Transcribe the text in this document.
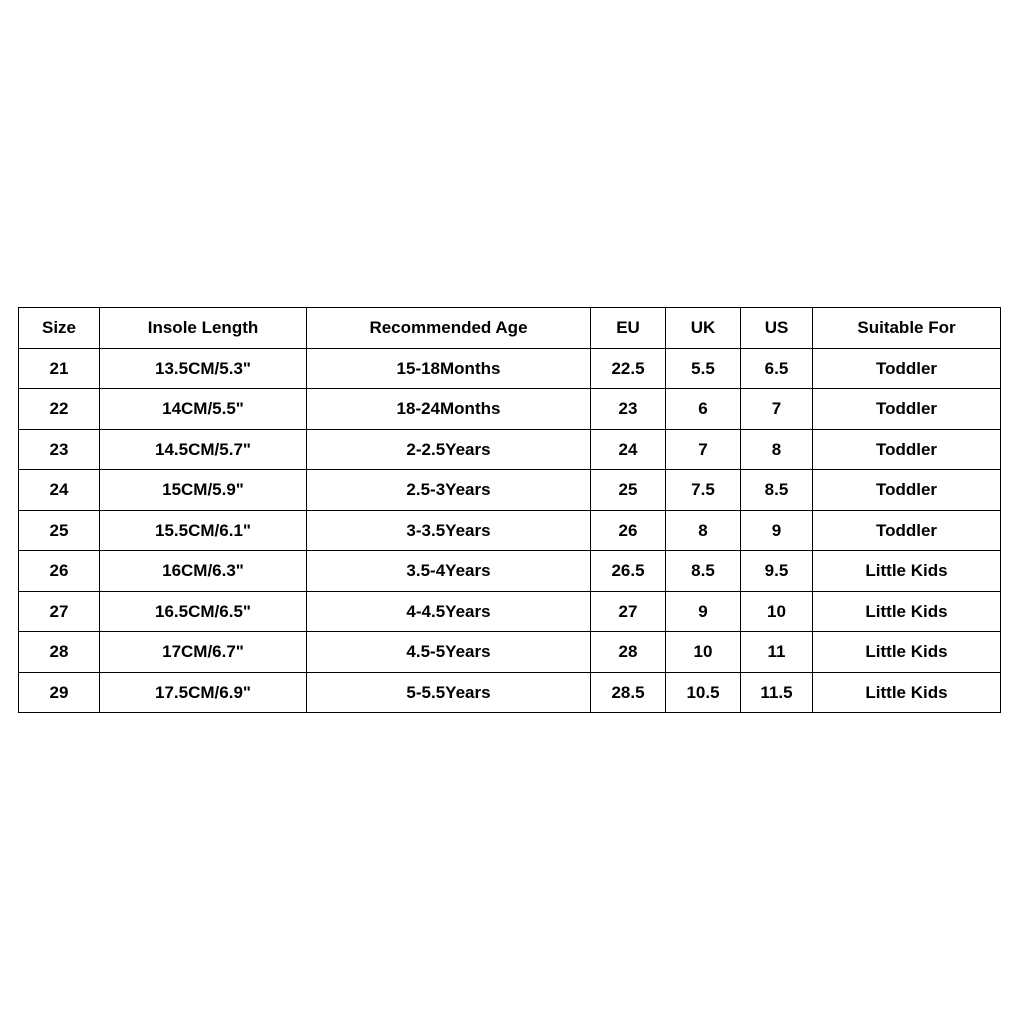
Size	Insole Length	Recommended Age	EU	UK	US	Suitable For
21	13.5CM/5.3"	15-18Months	22.5	5.5	6.5	Toddler
22	14CM/5.5"	18-24Months	23	6	7	Toddler
23	14.5CM/5.7"	2-2.5Years	24	7	8	Toddler
24	15CM/5.9"	2.5-3Years	25	7.5	8.5	Toddler
25	15.5CM/6.1"	3-3.5Years	26	8	9	Toddler
26	16CM/6.3"	3.5-4Years	26.5	8.5	9.5	Little Kids
27	16.5CM/6.5"	4-4.5Years	27	9	10	Little Kids
28	17CM/6.7"	4.5-5Years	28	10	11	Little Kids
29	17.5CM/6.9"	5-5.5Years	28.5	10.5	11.5	Little Kids
